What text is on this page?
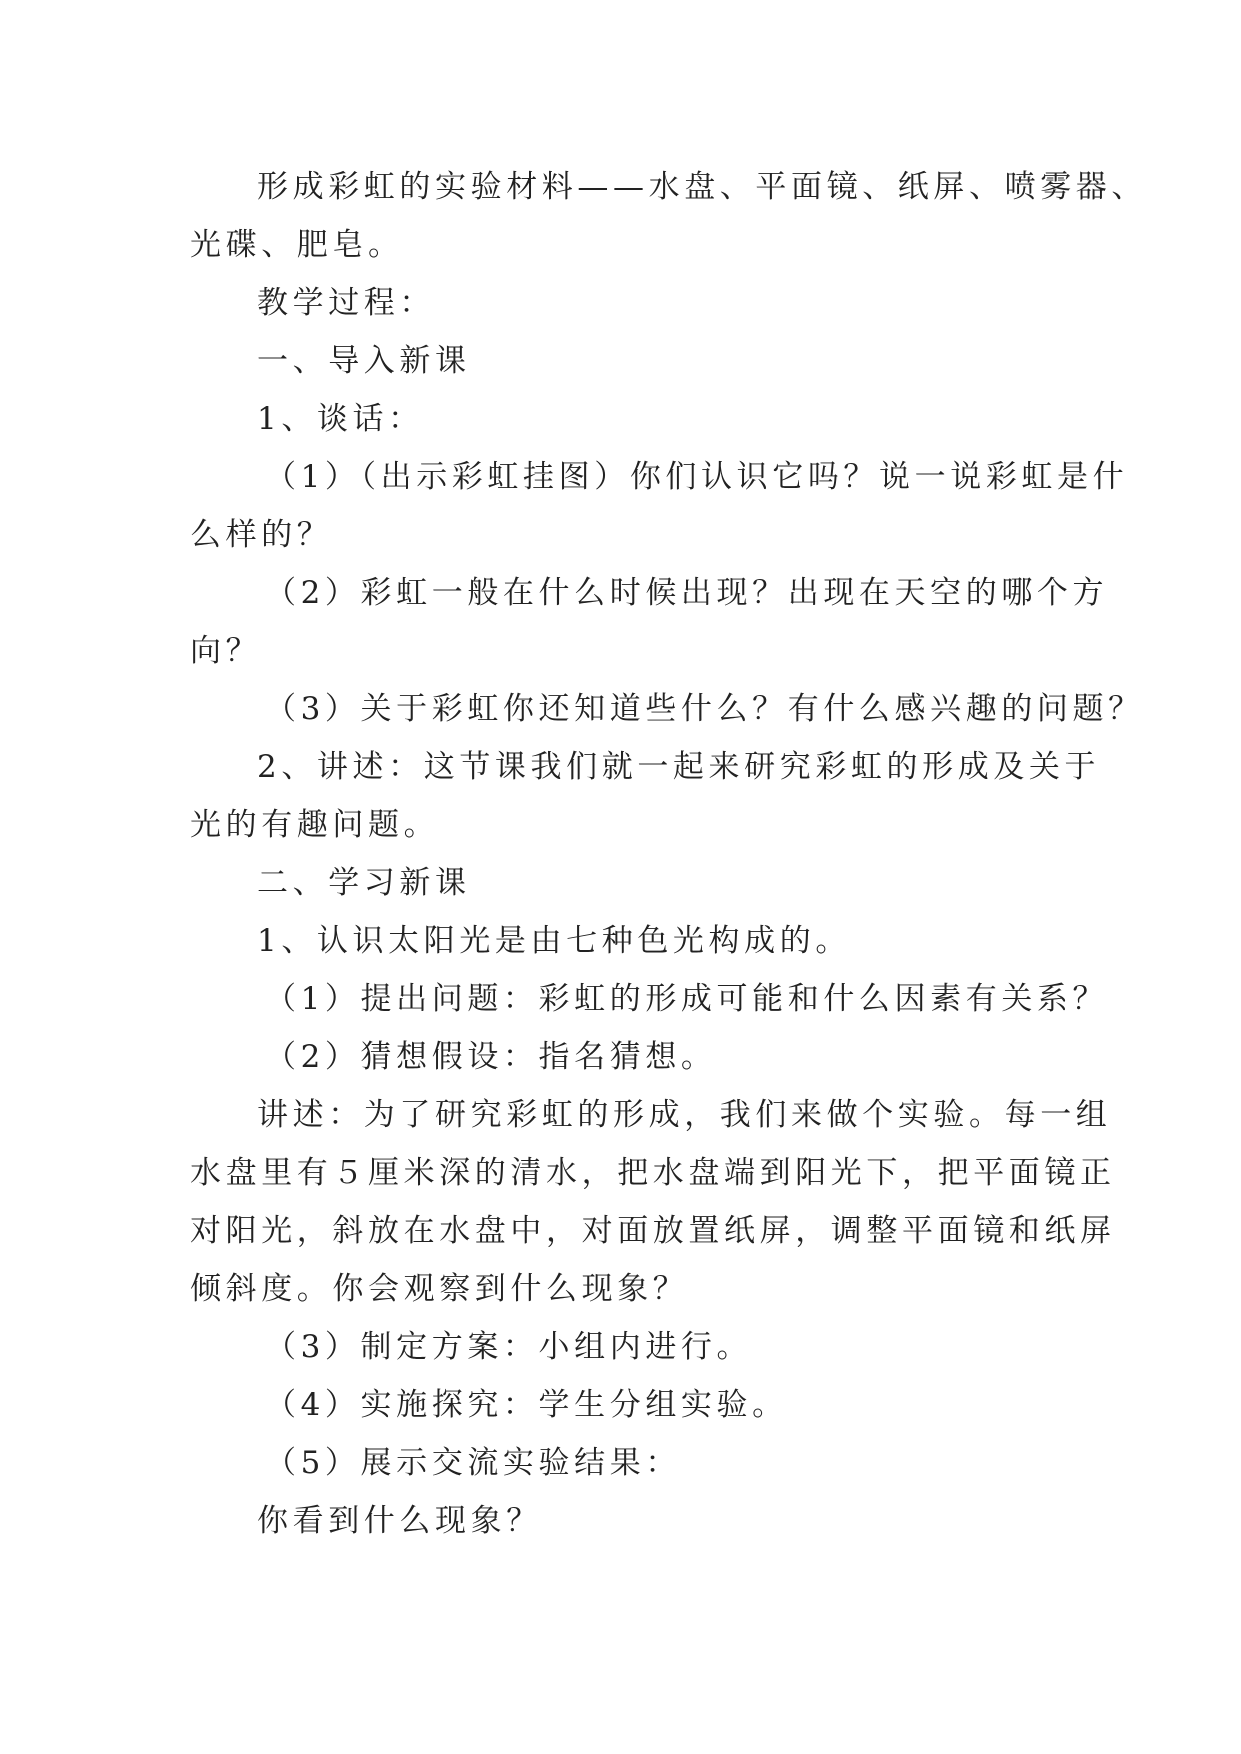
形成彩虹的实验材料——水盘、平面镜、纸屏、喷雾器、

光碟、肥皂。

教学过程：

一、导入新课

1、谈话：

（1）（出示彩虹挂图）你们认识它吗？说一说彩虹是什

么样的？

（2）彩虹一般在什么时候出现？出现在天空的哪个方

向？

（3）关于彩虹你还知道些什么？有什么感兴趣的问题？

2、讲述：这节课我们就一起来研究彩虹的形成及关于

光的有趣问题。

二、学习新课

1、认识太阳光是由七种色光构成的。

（1）提出问题：彩虹的形成可能和什么因素有关系？

（2）猜想假设：指名猜想。

讲述：为了研究彩虹的形成，我们来做个实验。每一组

水盘里有５厘米深的清水，把水盘端到阳光下，把平面镜正

对阳光，斜放在水盘中，对面放置纸屏，调整平面镜和纸屏

倾斜度。你会观察到什么现象？

（3）制定方案：小组内进行。

（4）实施探究：学生分组实验。

（5）展示交流实验结果：

你看到什么现象？
